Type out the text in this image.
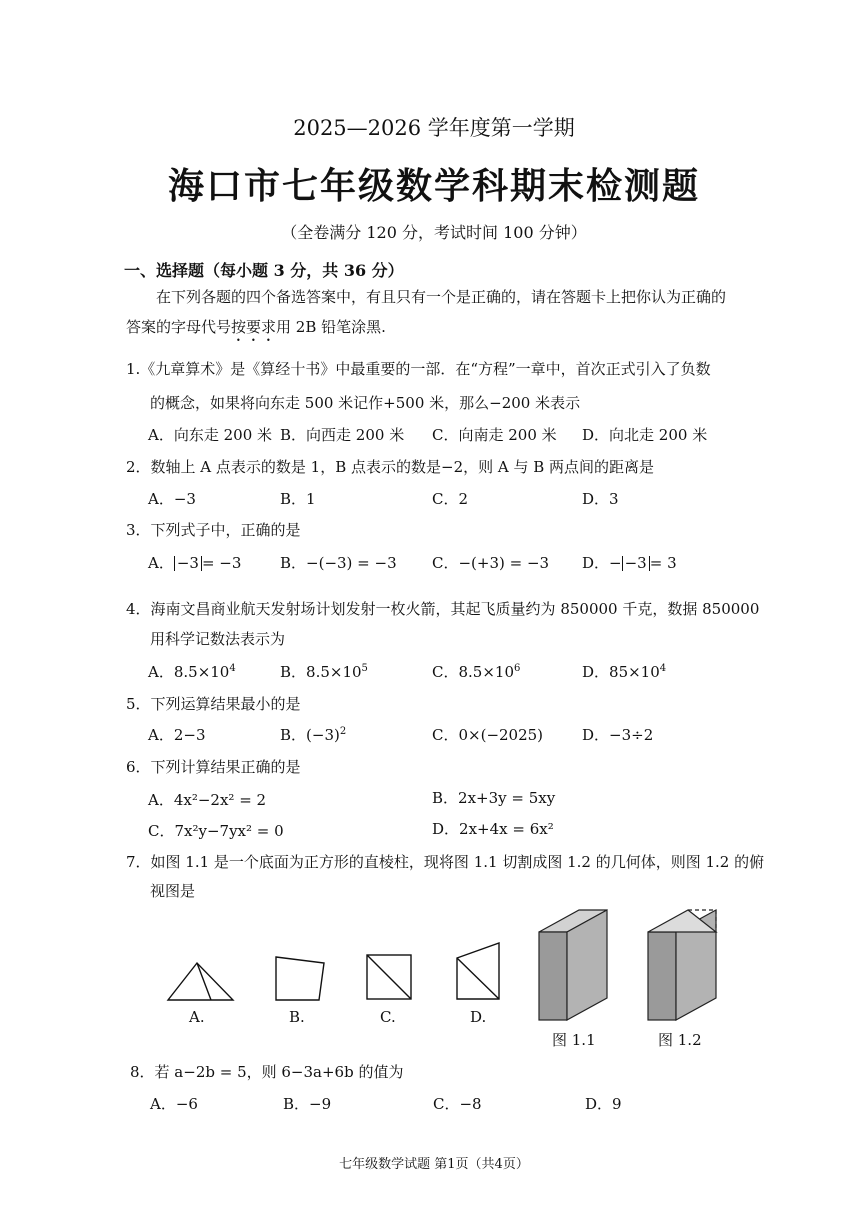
2025—2026 学年度第一学期
海口市七年级数学科期末检测题
（全卷满分 120 分，考试时间 100 分钟）
一、选择题（每小题 3 分，共 36 分）
在下列各题的四个备选答案中，有且只有一个是正确的，请在答题卡上把你认为正确的
答案的字母代号按要求用 2B 铅笔涂黑.
1.《九章算术》是《算经十书》中最重要的一部．在“方程”一章中，首次正式引入了负数
的概念，如果将向东走 500 米记作+500 米，那么−200 米表示
A．向东走 200 米 B．向西走 200 米 C．向南走 200 米 D．向北走 200 米
2．数轴上 A 点表示的数是 1，B 点表示的数是−2，则 A 与 B 两点间的距离是
A．−3	B．1	C．2	D．3
3．下列式子中，正确的是
A． −3 = −3	B．−(−3) = −3 C．−(+3) = −3 D．− −3 = 3
4．海南文昌商业航天发射场计划发射一枚火箭，其起飞质量约为 850000 千克，数据 850000
用科学记数法表示为
A．$8.5\times 10^4$	B．$8.5\times 10^5$	C．$8.5\times 10^6$	D．$85\times 10^4$
5．下列运算结果最小的是
A．2−3	B．$(-3)^2$	C．0×(−2025)	D．−3÷2
6．下列计算结果正确的是
A．4x²−2x² = 2	B．2x+3y = 5xy
C．7x²y−7yx² = 0	D．2x+4x = 6x²
7．如图 1.1 是一个底面为正方形的直棱柱，现将图 1.1 切割成图 1.2 的几何体，则图 1.2 的俯
视图是
A.	B.	C.	D.
图 1.1	图 1.2
8．若 a−2b = 5，则 6−3a+6b 的值为
A．−6	B．−9	C．−8	D．9
七年级数学试题 第1页（共4页）
